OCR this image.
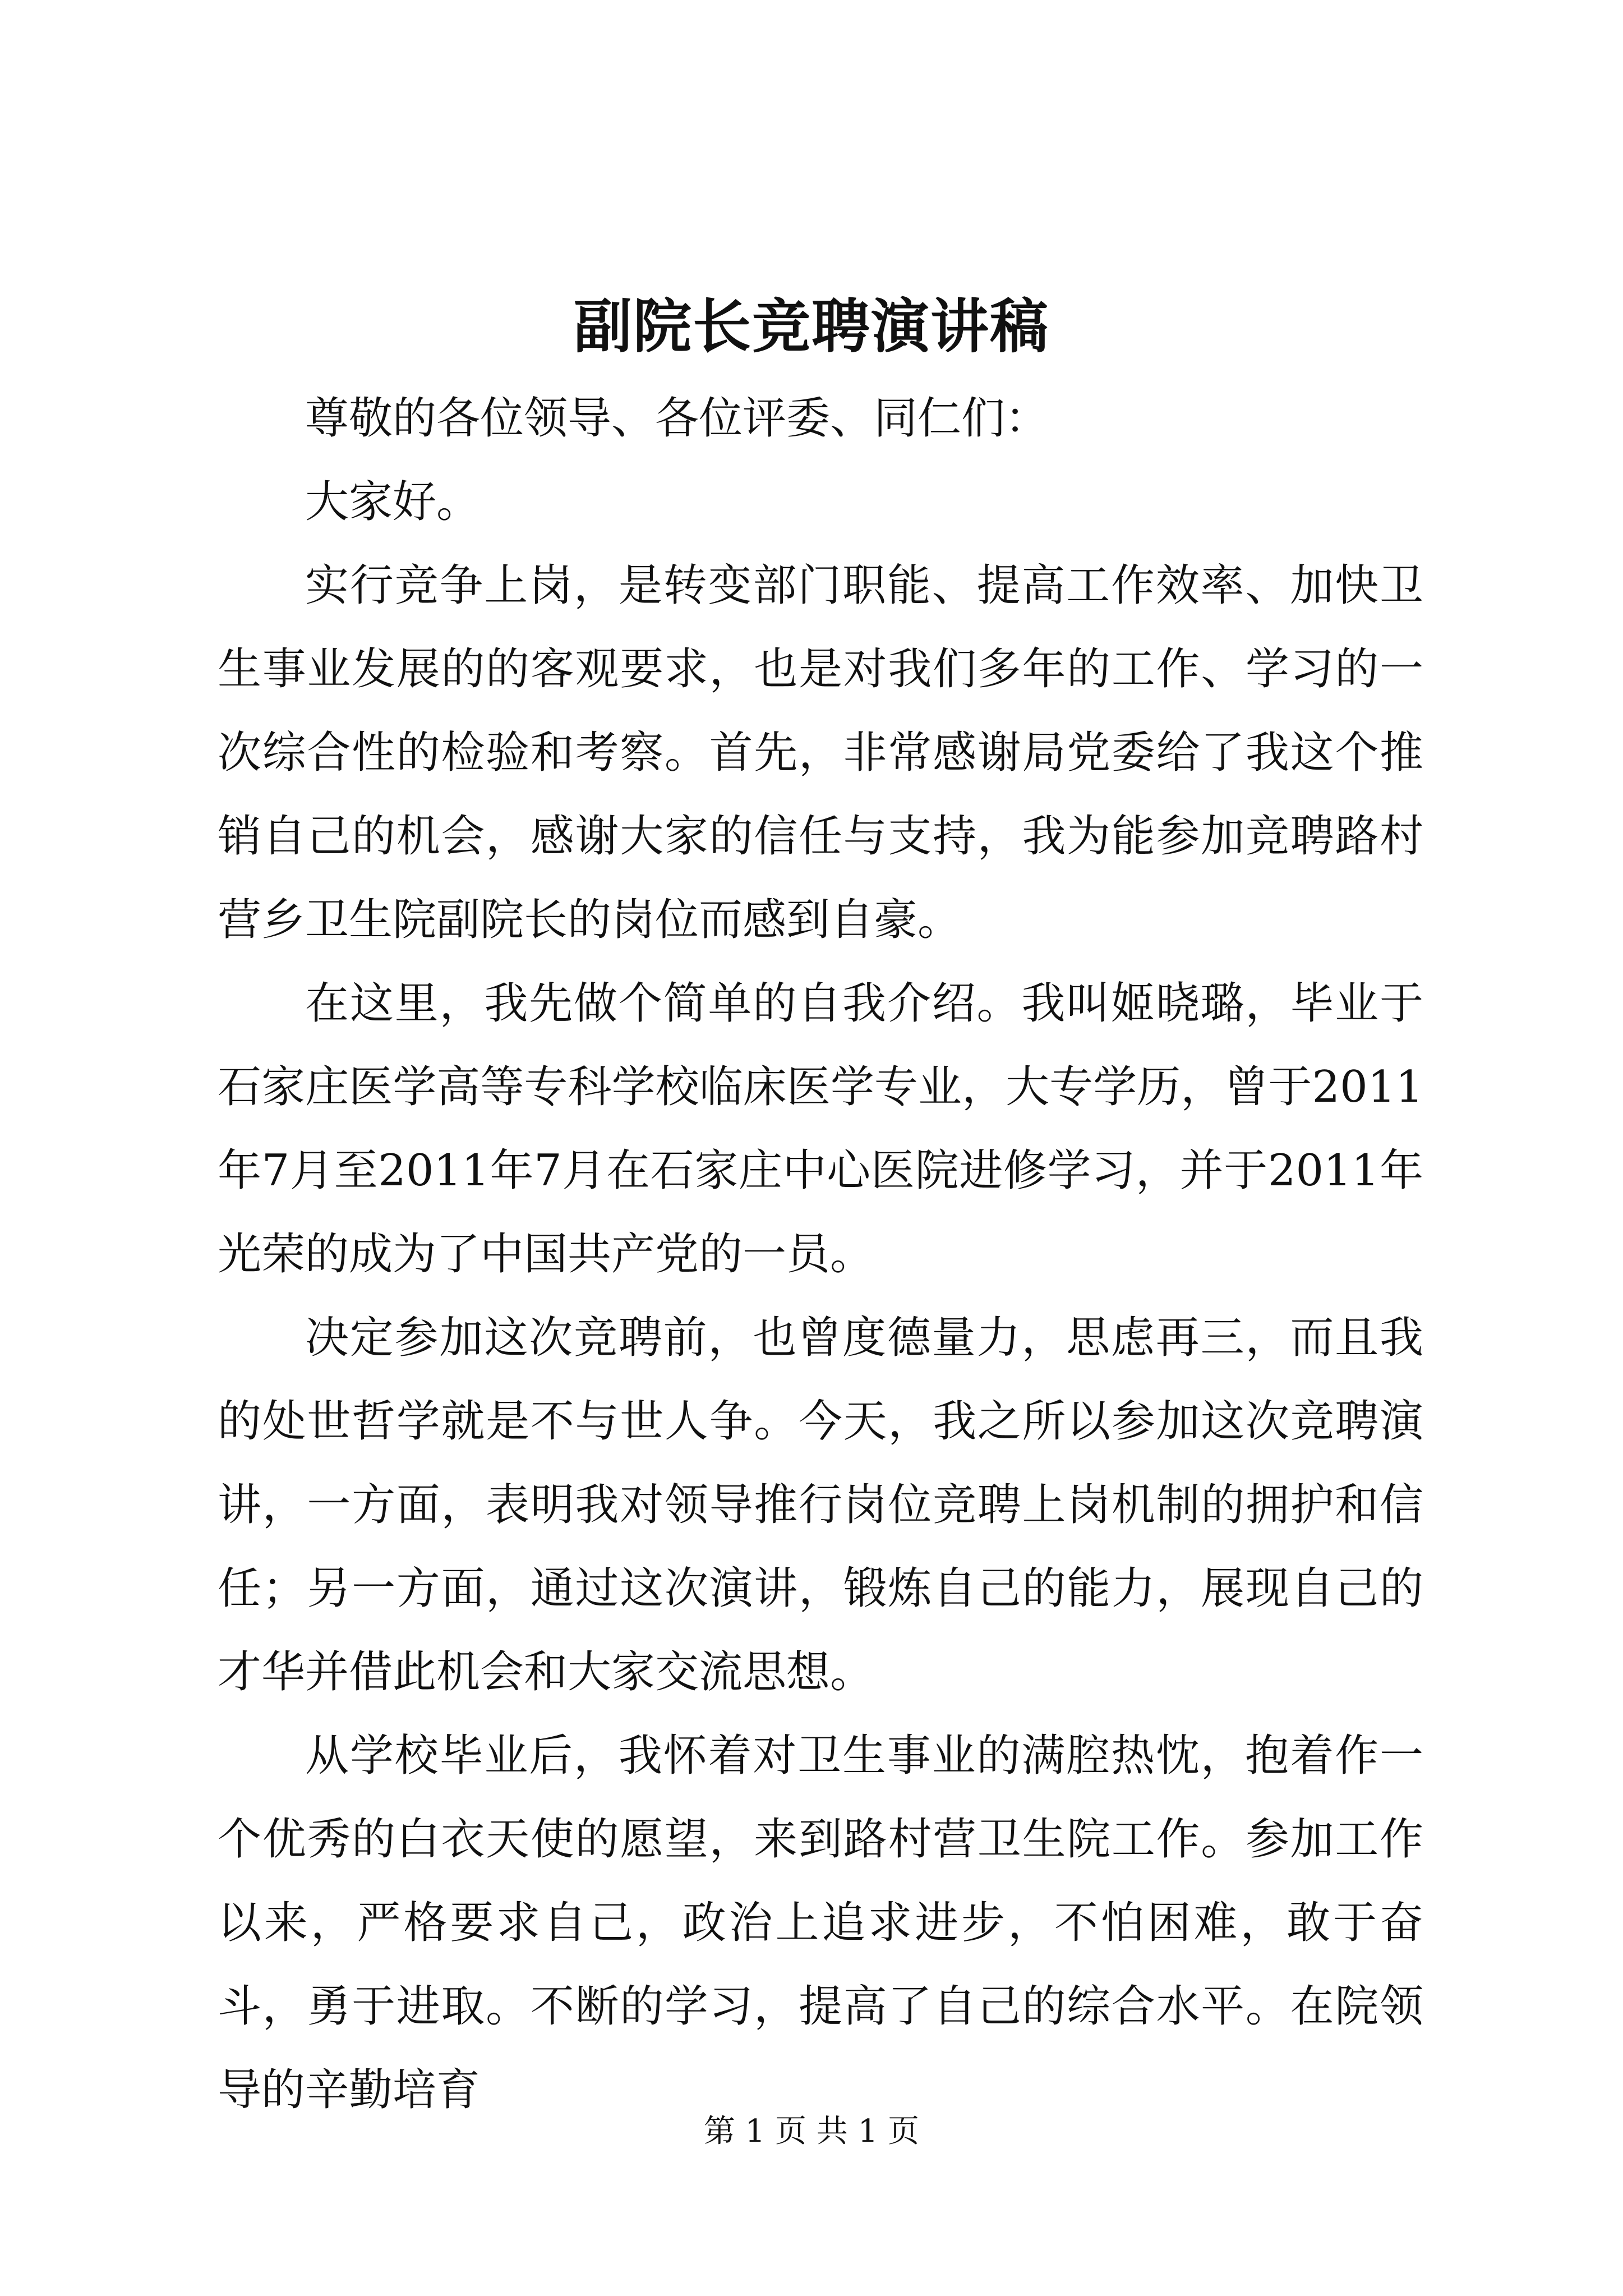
副院长竞聘演讲稿

尊敬的各位领导、各位评委、同仁们：

大家好。

实行竞争上岗，是转变部门职能、提高工作效率、加快卫生事业发展的的客观要求，也是对我们多年的工作、学习的一次综合性的检验和考察。首先，非常感谢局党委给了我这个推销自己的机会，感谢大家的信任与支持，我为能参加竞聘路村营乡卫生院副院长的岗位而感到自豪。

在这里，我先做个简单的自我介绍。我叫姬晓璐，毕业于石家庄医学高等专科学校临床医学专业，大专学历，曾于2011年7月至2011年7月在石家庄中心医院进修学习，并于2011年光荣的成为了中国共产党的一员。

决定参加这次竞聘前，也曾度德量力，思虑再三，而且我的处世哲学就是不与世人争。今天，我之所以参加这次竞聘演讲，一方面，表明我对领导推行岗位竞聘上岗机制的拥护和信任；另一方面，通过这次演讲，锻炼自己的能力，展现自己的才华并借此机会和大家交流思想。

从学校毕业后，我怀着对卫生事业的满腔热忱，抱着作一个优秀的白衣天使的愿望，来到路村营卫生院工作。参加工作以来，严格要求自己，政治上追求进步，不怕困难，敢于奋斗，勇于进取。不断的学习，提高了自己的综合水平。在院领导的辛勤培育

第 1 页 共 1 页
